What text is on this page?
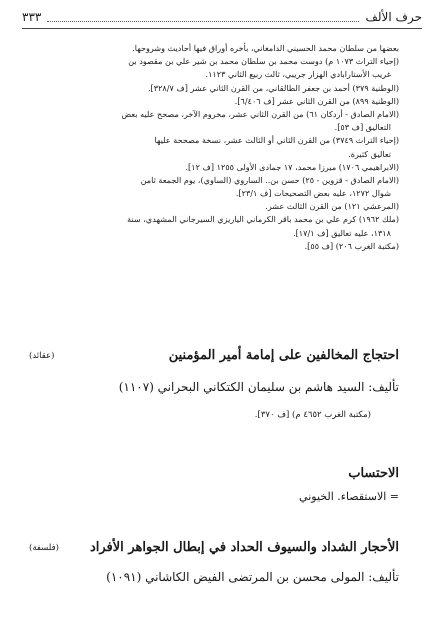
حرف الألف
٣٣٣
بعضها من سلطان محمد الحسيني الدامغاني، بأخره أوراق فيها أحاديث وشروحها.
(إحياء التراث ١٠٧٣ م) دوست محمد بن سلطان محمد بن شير علي بن مقصود بن
غريب الأستارابادي الهزار جريبي، ثالث ربيع الثاني ١١٢٣.
(الوطنية ٣٧٩) أحمد بن جعفر الطالقاني، من القرن الثاني عشر [ف ٣٢٨/٧].
(الوطنية ٨٩٩) من القرن الثاني عشر [ف ٦/٤٠٦].
(الامام الصادق - أردكان ٦١) من القرن الثاني عشر، مخروم الآخر، مصحح عليه بعض
التعاليق [ف ٥٣].
(إحياء التراث ٣٧٤٩) من القرن الثاني أو الثالث عشر، نسخة مصححة عليها
تعاليق كثيرة.
(الابراهيمي ١٧٠٦) ميرزا محمد، ١٧ جمادى الأولى ١٢٥٥ [ف ١٢].
(الامام الصادق - قزوين - ٢٥) حسن بن.. الساروي (الساوي)، يوم الجمعة ثامن
شوال ١٢٧٢، عليه بعض التصحيحات [ف ٢٣/١].
(المرعشي ١٢١) من القرن الثالث عشر.
(ملك ١٩٦٢) كرم علي بن محمد باقر الكرماني الياريزي السيرجاني المشهدي، سنة
١٣١٨، عليه تعاليق [ف ١٧/١].
(مكتبة الغرب ٢٠٦) [ف ٥٥].
احتجاج المخالفين على إمامة أمير المؤمنين
(عقائد)
تأليف: السيد هاشم بن سليمان الكتكاني البحراني (١١٠٧)
(مكتبة الغرب ٤٦٥٢ م) [ف ٣٧٠].
الاحتساب
= الاستقصاء. الخيوني
الأحجار الشداد والسيوف الحداد في إبطال الجواهر الأفراد
(فلسفة)
تأليف: المولى محسن بن المرتضى الفيض الكاشاني (١٠٩١)
